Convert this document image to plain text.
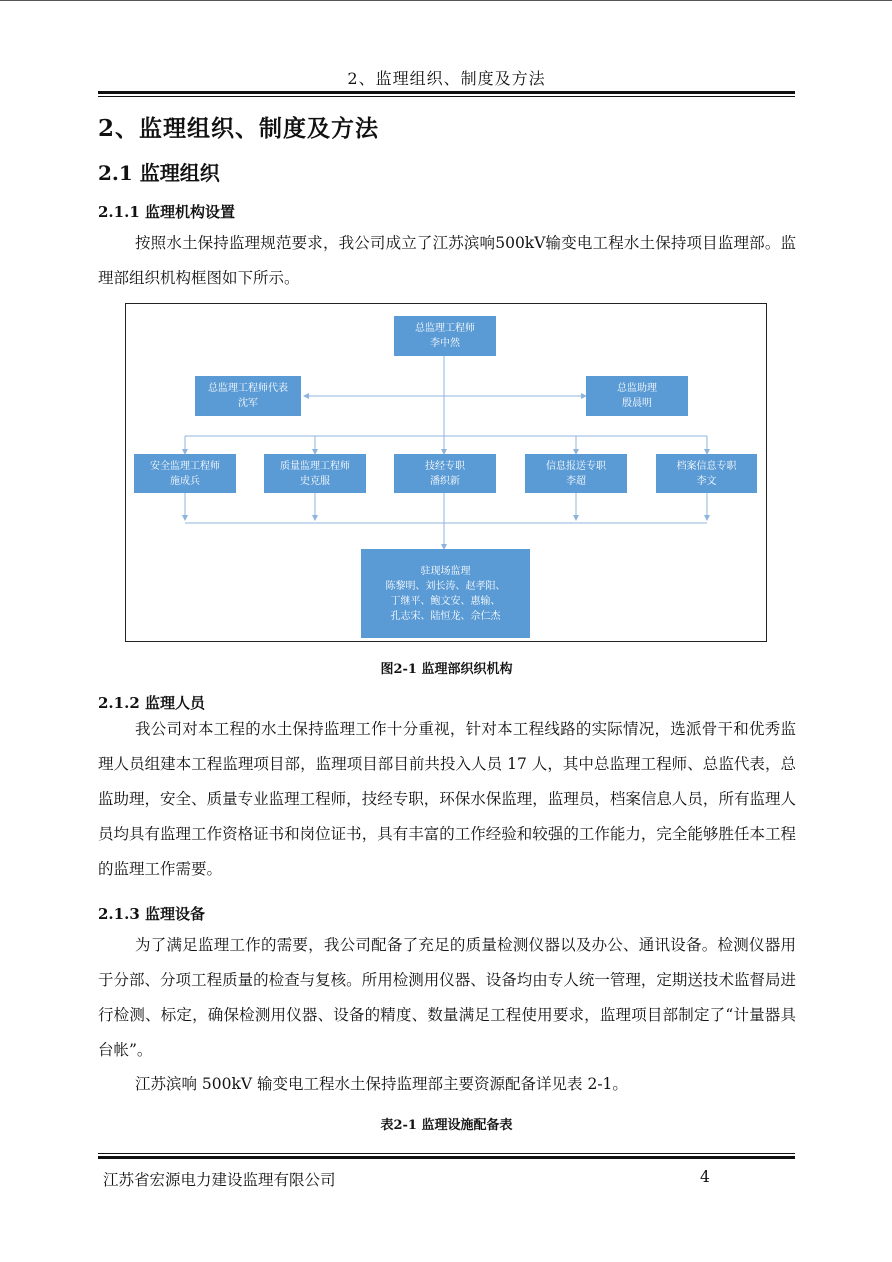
2、监理组织、制度及方法
2、监理组织、制度及方法
2.1 监理组织
2.1.1 监理机构设置

按照水土保持监理规范要求，我公司成立了江苏滨响500kV输变电工程水土保持项目监理部。监理部组织机构框图如下所示。

总监理工程师
李中然
总监理工程师代表
沈军
总监助理
殷晨明
安全监理工程师
施成兵
质量监理工程师
史克服
技经专职
潘织新
信息报送专职
李超
档案信息专职
李文
驻现场监理
陈黎明、刘长涛、赵孝阳、
丁继平、鲍文安、惠输、
孔志宋、陆恒龙、佘仁杰
图2-1 监理部织织机构
2.1.2 监理人员

我公司对本工程的水土保持监理工作十分重视，针对本工程线路的实际情况，选派骨干和优秀监理人员组建本工程监理项目部，监理项目部目前共投入人员 17 人，其中总监理工程师、总监代表，总监助理，安全、质量专业监理工程师，技经专职，环保水保监理，监理员，档案信息人员，所有监理人员均具有监理工作资格证书和岗位证书，具有丰富的工作经验和较强的工作能力，完全能够胜任本工程的监理工作需要。

2.1.3 监理设备

为了满足监理工作的需要，我公司配备了充足的质量检测仪器以及办公、通讯设备。检测仪器用于分部、分项工程质量的检查与复核。所用检测用仪器、设备均由专人统一管理，定期送技术监督局进行检测、标定，确保检测用仪器、设备的精度、数量满足工程使用要求，监理项目部制定了“计量器具台帐”。

江苏滨响 500kV 输变电工程水土保持监理部主要资源配备详见表 2-1。

表2-1 监理设施配备表
江苏省宏源电力建设监理有限公司	4
